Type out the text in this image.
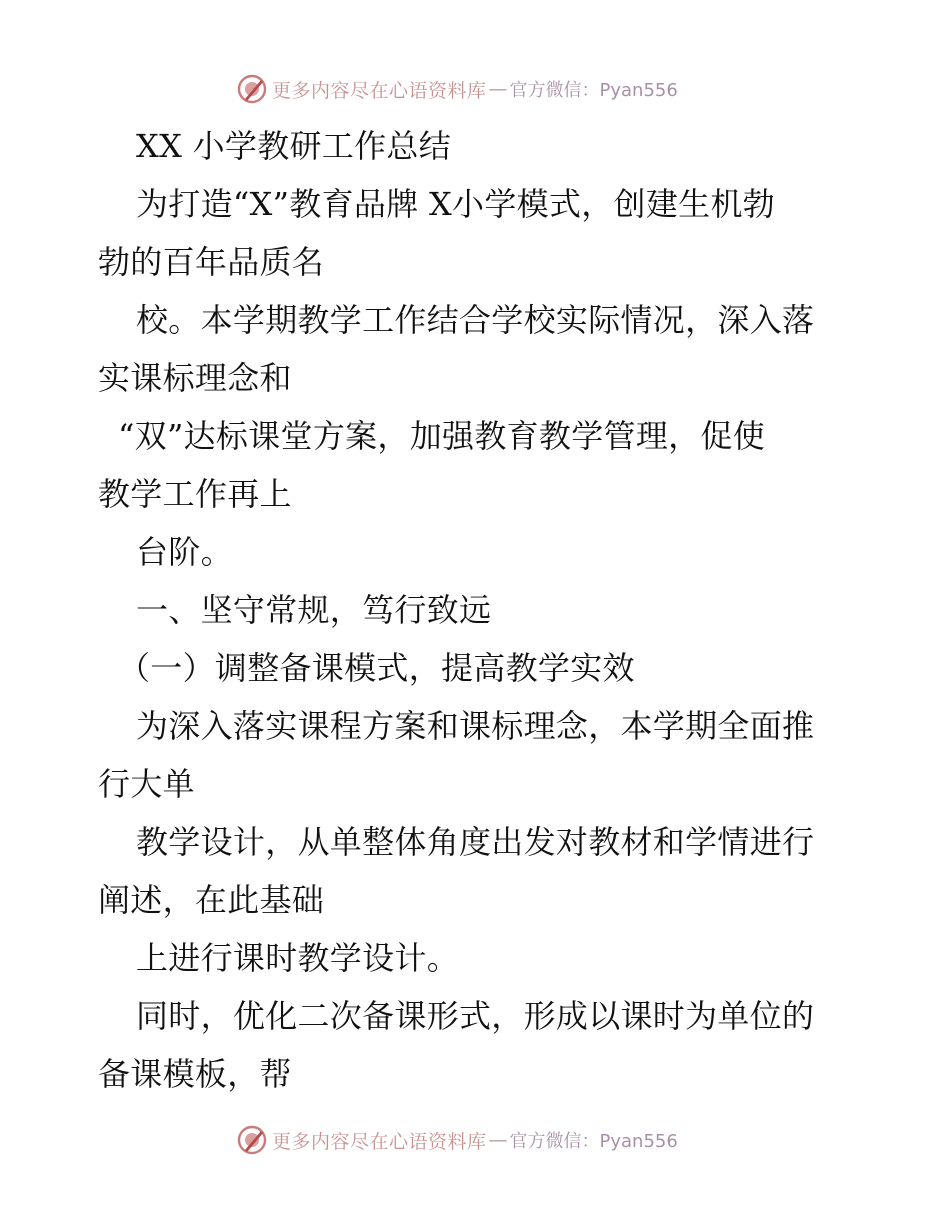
更多内容尽在心语资料库 — 官方微信：Pyan556
XX 小学教研工作总结
为打造“X”教育品牌 X小学模式，创建生机勃
勃的百年品质名
校。本学期教学工作结合学校实际情况，深入落
实课标理念和
“双”达标课堂方案，加强教育教学管理，促使
教学工作再上
台阶。
一、坚守常规，笃行致远
（一）调整备课模式，提高教学实效
为深入落实课程方案和课标理念，本学期全面推
行大单
教学设计，从单整体角度出发对教材和学情进行
阐述，在此基础
上进行课时教学设计。
同时，优化二次备课形式，形成以课时为单位的
备课模板，帮
更多内容尽在心语资料库 — 官方微信：Pyan556
